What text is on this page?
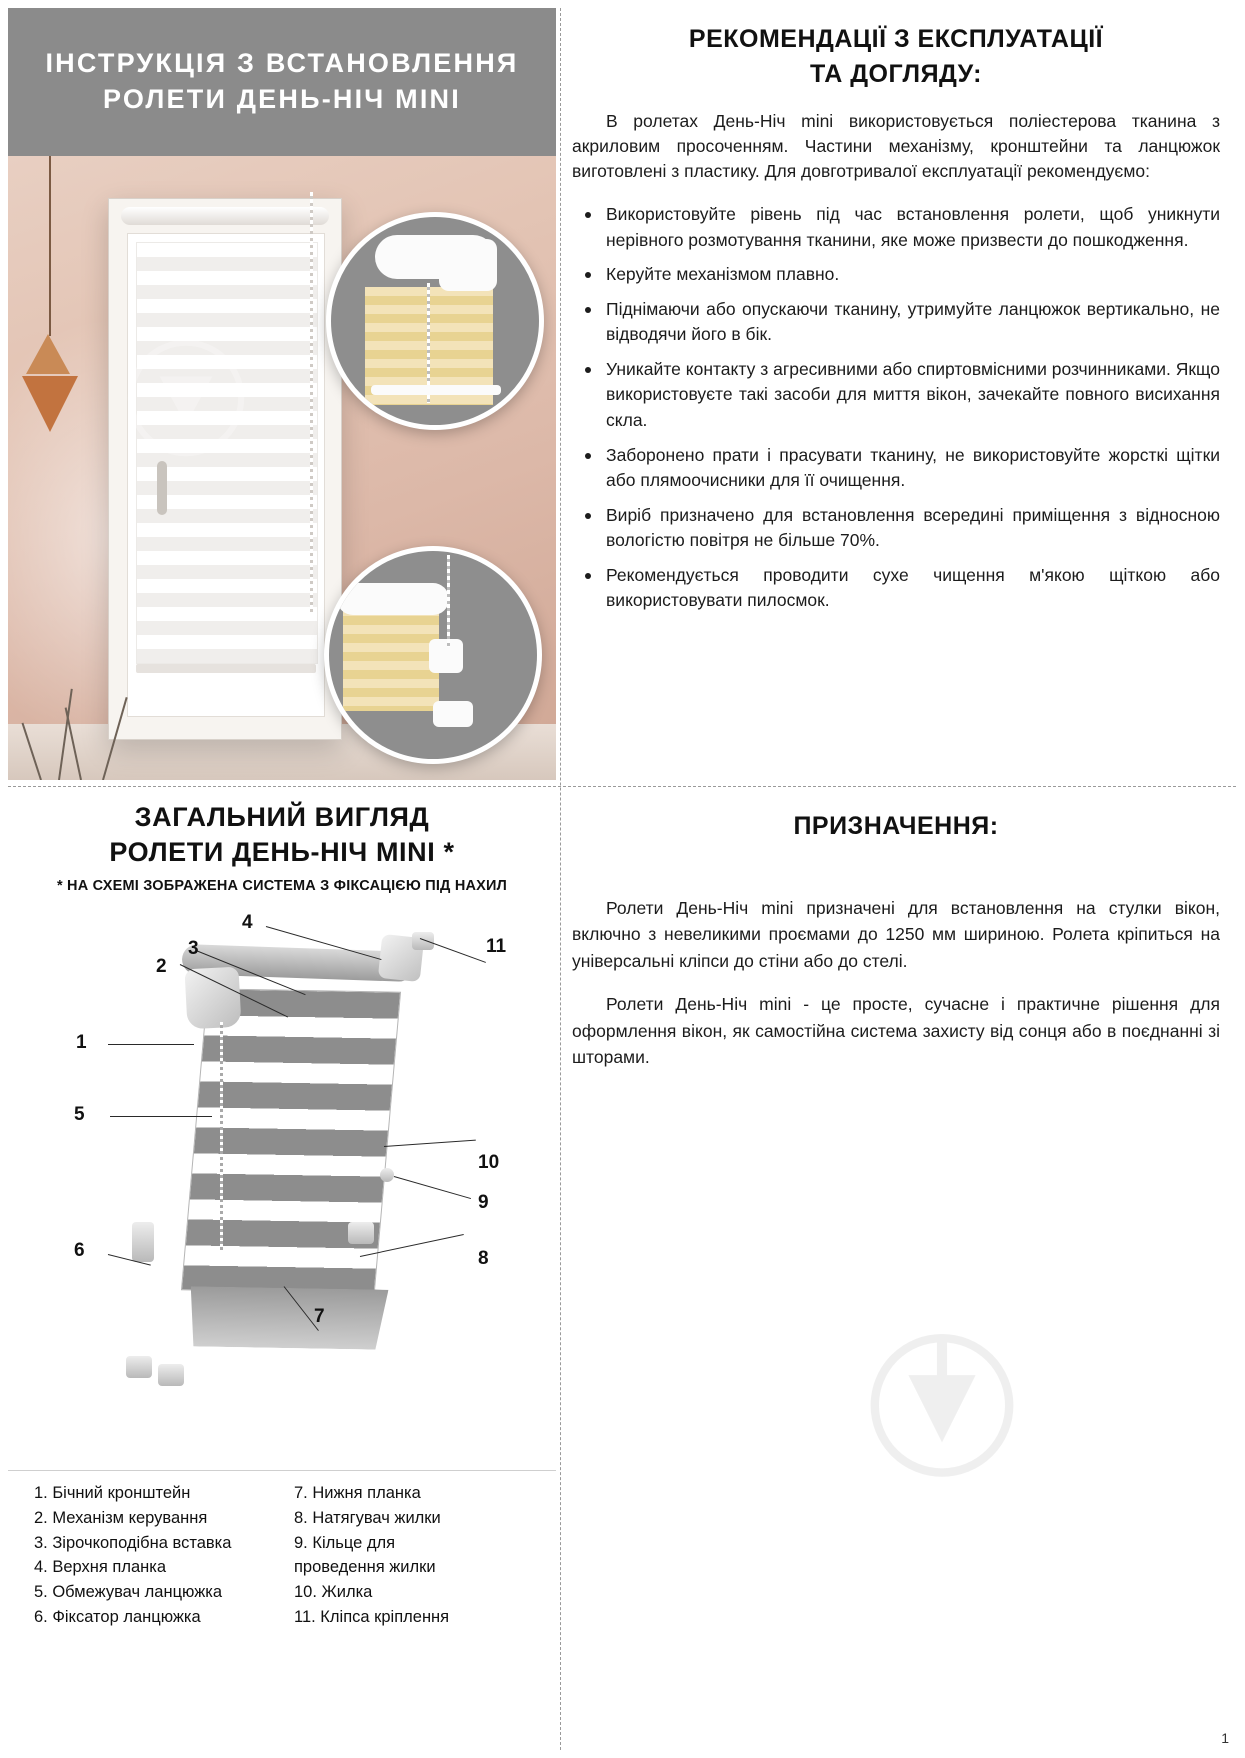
ІНСТРУКЦІЯ З ВСТАНОВЛЕННЯ
РОЛЕТИ ДЕНЬ-НІЧ MINI
РЕКОМЕНДАЦІЇ З ЕКСПЛУАТАЦІЇ
ТА ДОГЛЯДУ:

В ролетах День-Ніч mini використовується поліестерова тканина з акриловим просоченням. Частини механізму, кронштейни та ланцюжок виготовлені з пластику. Для довготривалої експлуатації рекомендуємо:

Використовуйте рівень під час встановлення ролети, щоб уникнути нерівного розмотування тканини, яке може призвести до пошкодження.
Керуйте механізмом плавно.
Піднімаючи або опускаючи тканину, утримуйте ланцюжок вертикально, не відводячи його в бік.
Уникайте контакту з агресивними або спиртовмісними розчинниками. Якщо використовуєте такі засоби для миття вікон, зачекайте повного висихання скла.
Заборонено прати і прасувати тканину, не використовуйте жорсткі щітки або плямоочисники для її очищення.
Виріб призначено для встановлення всередині приміщення з відносною вологістю повітря не більше 70%.
Рекомендується проводити сухе чищення м'якою щіткою або використовувати пилосмок.
ЗАГАЛЬНИЙ ВИГЛЯД
РОЛЕТИ ДЕНЬ-НІЧ MINI *
* НА СХЕМІ ЗОБРАЖЕНА СИСТЕМА З ФІКСАЦІЄЮ ПІД НАХИЛ
1
2
3
4
5
6
7
8
9
10
11
1. Бічний кронштейн
2. Механізм керування
3. Зірочкоподібна вставка
4. Верхня планка
5. Обмежувач ланцюжка
6. Фіксатор ланцюжка
7. Нижня планка
8. Натягувач жилки
9. Кільце для
проведення жилки
10. Жилка
11. Кліпса кріплення
ПРИЗНАЧЕННЯ:

Ролети День-Ніч mini призначені для встановлення на стулки вікон, включно з невеликими проємами до 1250 мм шириною. Ролета кріпиться на універсальні кліпси до стіни або до стелі.

Ролети День-Ніч mini - це просте, сучасне і практичне рішення для оформлення вікон, як самостійна система захисту від сонця або в поєднанні зі шторами.

1
